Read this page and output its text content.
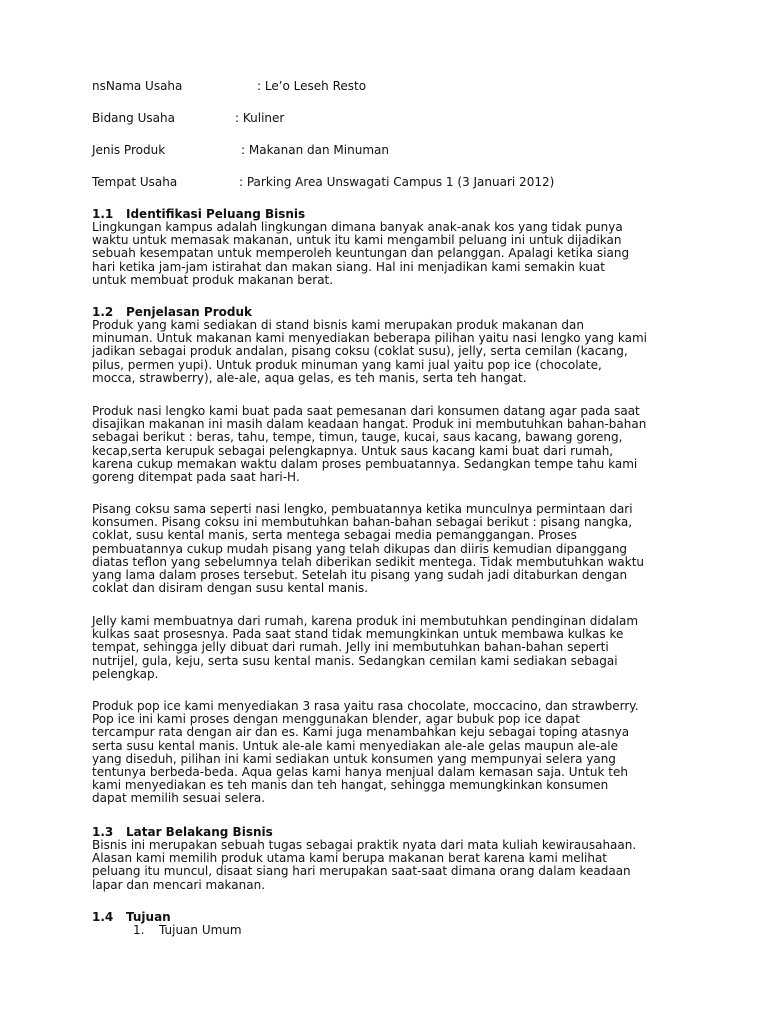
nsNama Usaha	: Le’o Leseh Resto
Bidang Usaha	: Kuliner
Jenis Produk	: Makanan dan Minuman
Tempat Usaha	: Parking Area Unswagati Campus 1 (3 Januari 2012)

1.1 Identifikasi Peluang Bisnis

Lingkungan kampus adalah lingkungan dimana banyak anak-anak kos yang tidak punya
waktu untuk memasak makanan, untuk itu kami mengambil peluang ini untuk dijadikan
sebuah kesempatan untuk memperoleh keuntungan dan pelanggan. Apalagi ketika siang
hari ketika jam-jam istirahat dan makan siang. Hal ini menjadikan kami semakin kuat
untuk membuat produk makanan berat.

1.2 Penjelasan Produk

Produk yang kami sediakan di stand bisnis kami merupakan produk makanan dan
minuman. Untuk makanan kami menyediakan beberapa pilihan yaitu nasi lengko yang kami
jadikan sebagai produk andalan, pisang coksu (coklat susu), jelly, serta cemilan (kacang,
pilus, permen yupi). Untuk produk minuman yang kami jual yaitu pop ice (chocolate,
mocca, strawberry), ale-ale, aqua gelas, es teh manis, serta teh hangat.

Produk nasi lengko kami buat pada saat pemesanan dari konsumen datang agar pada saat
disajikan makanan ini masih dalam keadaan hangat. Produk ini membutuhkan bahan-bahan
sebagai berikut : beras, tahu, tempe, timun, tauge, kucai, saus kacang, bawang goreng,
kecap,serta kerupuk sebagai pelengkapnya. Untuk saus kacang kami buat dari rumah,
karena cukup memakan waktu dalam proses pembuatannya. Sedangkan tempe tahu kami
goreng ditempat pada saat hari-H.

Pisang coksu sama seperti nasi lengko, pembuatannya ketika munculnya permintaan dari
konsumen. Pisang coksu ini membutuhkan bahan-bahan sebagai berikut : pisang nangka,
coklat, susu kental manis, serta mentega sebagai media pemanggangan. Proses
pembuatannya cukup mudah pisang yang telah dikupas dan diiris kemudian dipanggang
diatas teflon yang sebelumnya telah diberikan sedikit mentega. Tidak membutuhkan waktu
yang lama dalam proses tersebut. Setelah itu pisang yang sudah jadi ditaburkan dengan
coklat dan disiram dengan susu kental manis.

Jelly kami membuatnya dari rumah, karena produk ini membutuhkan pendinginan didalam
kulkas saat prosesnya. Pada saat stand tidak memungkinkan untuk membawa kulkas ke
tempat, sehingga jelly dibuat dari rumah. Jelly ini membutuhkan bahan-bahan seperti
nutrijel, gula, keju, serta susu kental manis. Sedangkan cemilan kami sediakan sebagai
pelengkap.

Produk pop ice kami menyediakan 3 rasa yaitu rasa chocolate, moccacino, dan strawberry.
Pop ice ini kami proses dengan menggunakan blender, agar bubuk pop ice dapat
tercampur rata dengan air dan es. Kami juga menambahkan keju sebagai toping atasnya
serta susu kental manis. Untuk ale-ale kami menyediakan ale-ale gelas maupun ale-ale
yang diseduh, pilihan ini kami sediakan untuk konsumen yang mempunyai selera yang
tentunya berbeda-beda. Aqua gelas kami hanya menjual dalam kemasan saja. Untuk teh
kami menyediakan es teh manis dan teh hangat, sehingga memungkinkan konsumen
dapat memilih sesuai selera.

1.3 Latar Belakang Bisnis

Bisnis ini merupakan sebuah tugas sebagai praktik nyata dari mata kuliah kewirausahaan.
Alasan kami memilih produk utama kami berupa makanan berat karena kami melihat
peluang itu muncul, disaat siang hari merupakan saat-saat dimana orang dalam keadaan
lapar dan mencari makanan.

1.4 Tujuan

1. Tujuan Umum
